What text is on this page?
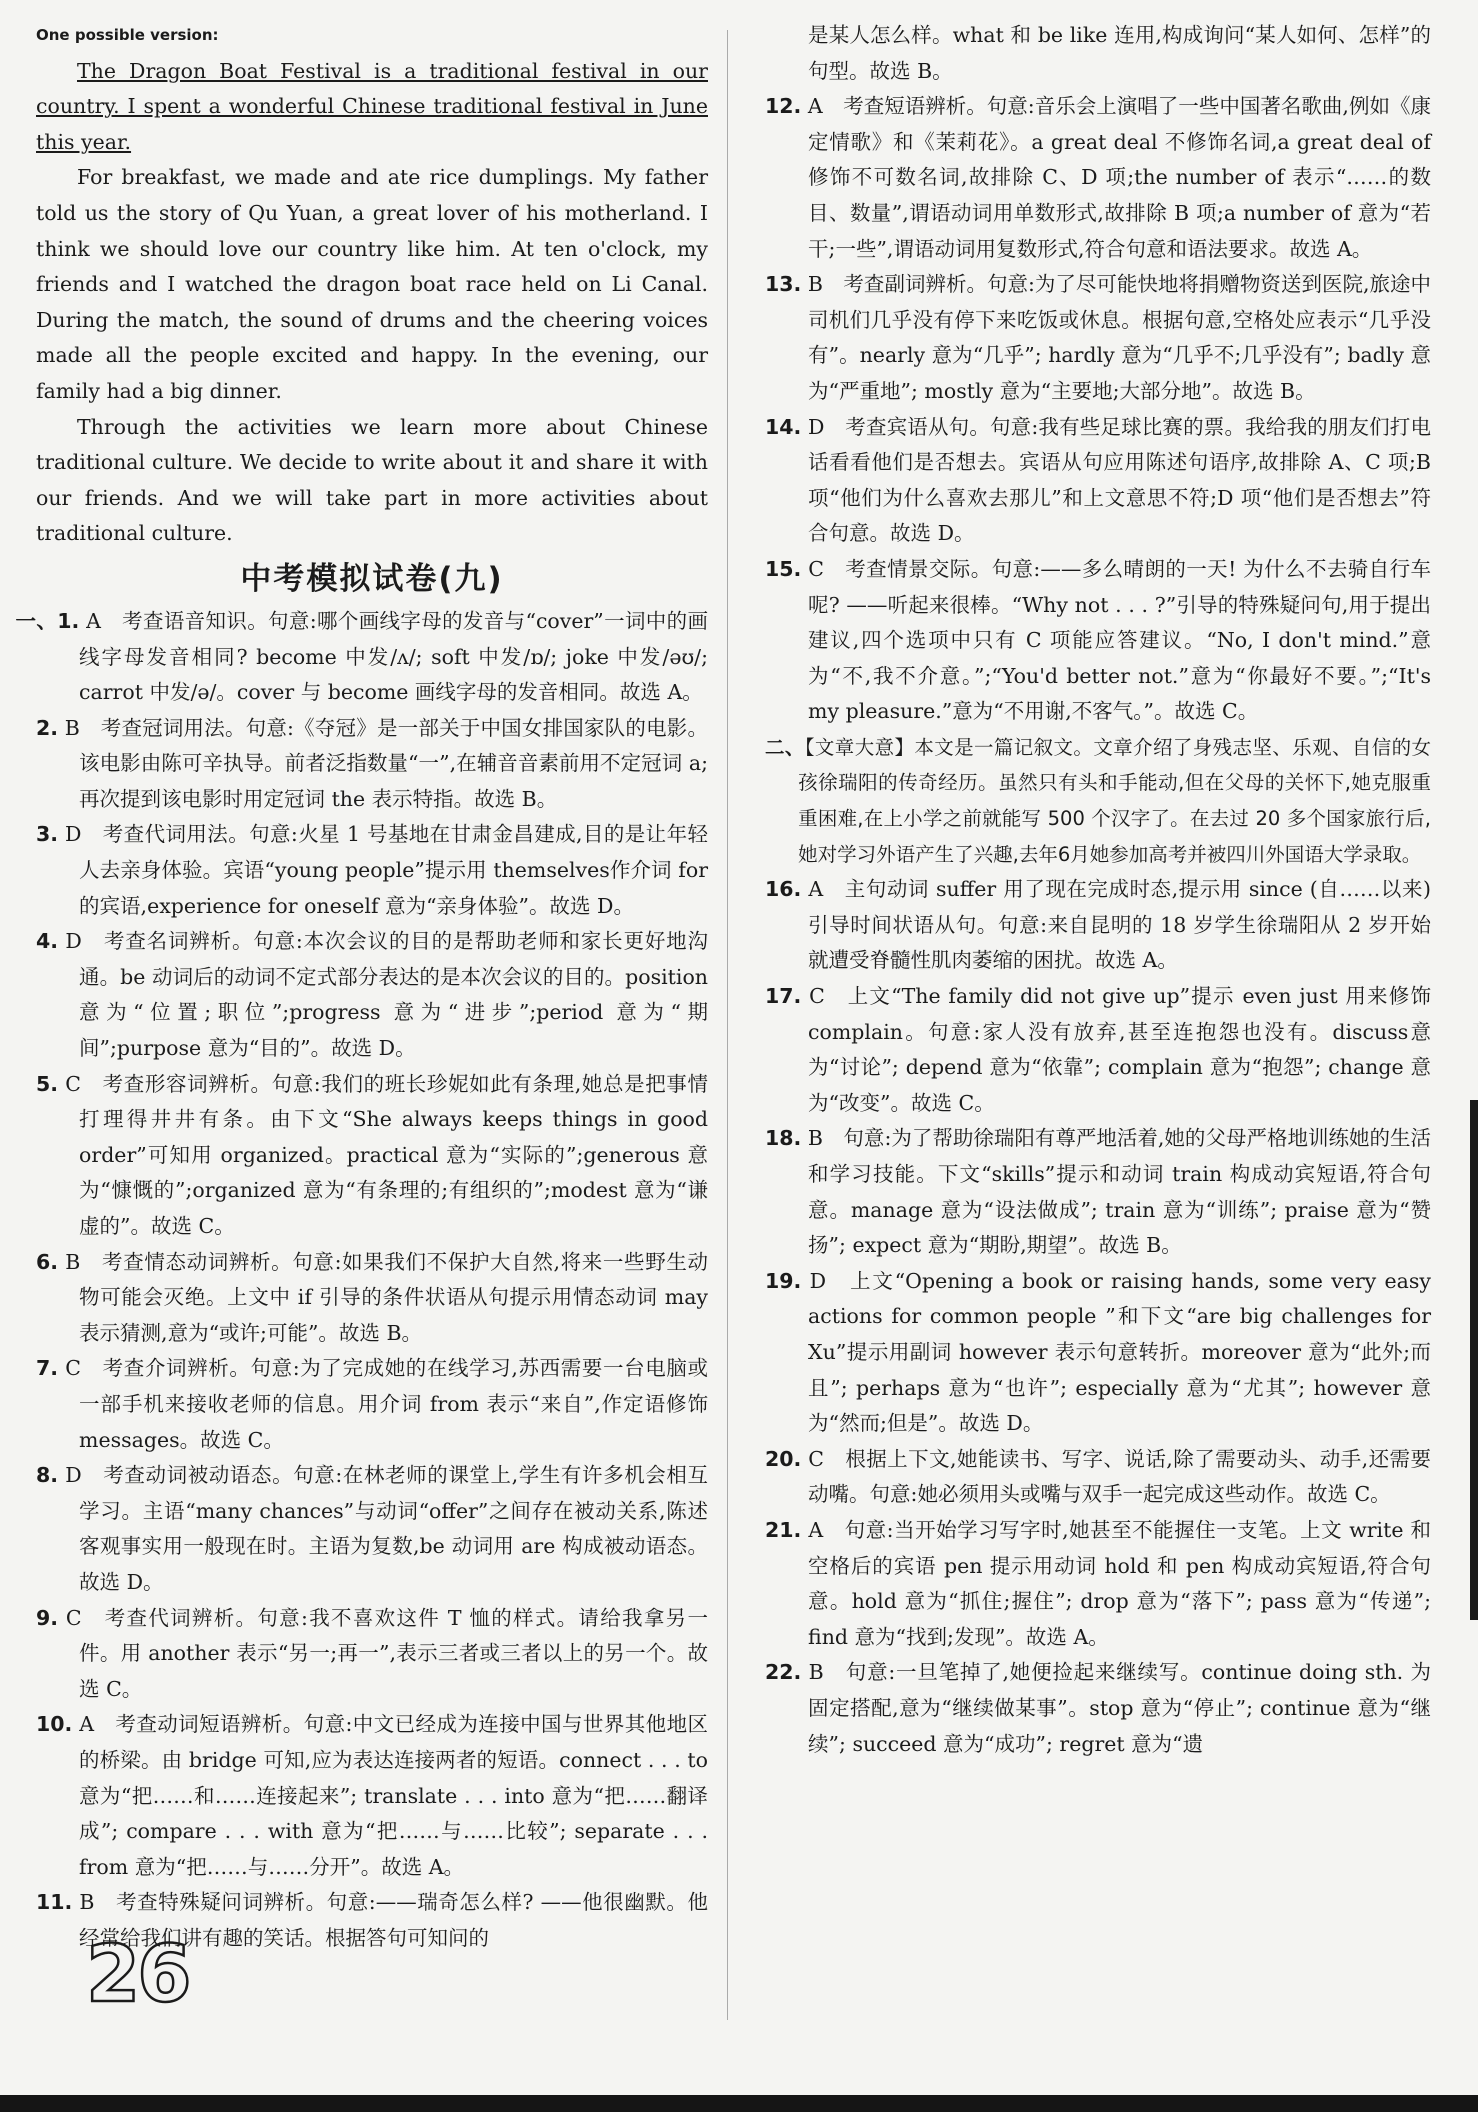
One possible version:

The Dragon Boat Festival is a traditional festival in our country. I spent a wonderful Chinese traditional festival in June this year.

For breakfast, we made and ate rice dumplings. My father told us the story of Qu Yuan, a great lover of his motherland. I think we should love our country like him. At ten o'clock, my friends and I watched the dragon boat race held on Li Canal. During the match, the sound of drums and the cheering voices made all the people excited and happy. In the evening, our family had a big dinner.

Through the activities we learn more about Chinese traditional culture. We decide to write about it and share it with our friends. And we will take part in more activities about traditional culture.

中考模拟试卷(九)

一、1. A　考查语音知识。句意:哪个画线字母的发音与“cover”一词中的画线字母发音相同? become 中发/ʌ/; soft 中发/ɒ/; joke 中发/əʊ/; carrot 中发/ə/。cover 与 become 画线字母的发音相同。故选 A。

2. B　考查冠词用法。句意:《夺冠》是一部关于中国女排国家队的电影。该电影由陈可辛执导。前者泛指数量“一”,在辅音音素前用不定冠词 a;再次提到该电影时用定冠词 the 表示特指。故选 B。

3. D　考查代词用法。句意:火星 1 号基地在甘肃金昌建成,目的是让年轻人去亲身体验。宾语“young people”提示用 themselves作介词 for 的宾语,experience for oneself 意为“亲身体验”。故选 D。

4. D　考查名词辨析。句意:本次会议的目的是帮助老师和家长更好地沟通。be 动词后的动词不定式部分表达的是本次会议的目的。position 意为“位置;职位”;progress 意为“进步”;period 意为“期间”;purpose 意为“目的”。故选 D。

5. C　考查形容词辨析。句意:我们的班长珍妮如此有条理,她总是把事情打理得井井有条。由下文“She always keeps things in good order”可知用 organized。practical 意为“实际的”;generous 意为“慷慨的”;organized 意为“有条理的;有组织的”;modest 意为“谦虚的”。故选 C。

6. B　考查情态动词辨析。句意:如果我们不保护大自然,将来一些野生动物可能会灭绝。上文中 if 引导的条件状语从句提示用情态动词 may 表示猜测,意为“或许;可能”。故选 B。

7. C　考查介词辨析。句意:为了完成她的在线学习,苏西需要一台电脑或一部手机来接收老师的信息。用介词 from 表示“来自”,作定语修饰 messages。故选 C。

8. D　考查动词被动语态。句意:在林老师的课堂上,学生有许多机会相互学习。主语“many chances”与动词“offer”之间存在被动关系,陈述客观事实用一般现在时。主语为复数,be 动词用 are 构成被动语态。故选 D。

9. C　考查代词辨析。句意:我不喜欢这件 T 恤的样式。请给我拿另一件。用 another 表示“另一;再一”,表示三者或三者以上的另一个。故选 C。

10. A　考查动词短语辨析。句意:中文已经成为连接中国与世界其他地区的桥梁。由 bridge 可知,应为表达连接两者的短语。connect . . . to 意为“把……和……连接起来”; translate . . . into 意为“把……翻译成”; compare . . . with 意为“把……与……比较”; separate . . . from 意为“把……与……分开”。故选 A。

11. B　考查特殊疑问词辨析。句意:——瑞奇怎么样? ——他很幽默。他经常给我们讲有趣的笑话。根据答句可知问的

是某人怎么样。what 和 be like 连用,构成询问“某人如何、怎样”的句型。故选 B。

12. A　考查短语辨析。句意:音乐会上演唱了一些中国著名歌曲,例如《康定情歌》和《茉莉花》。a great deal 不修饰名词,a great deal of 修饰不可数名词,故排除 C、D 项;the number of 表示“……的数目、数量”,谓语动词用单数形式,故排除 B 项;a number of 意为“若干;一些”,谓语动词用复数形式,符合句意和语法要求。故选 A。

13. B　考查副词辨析。句意:为了尽可能快地将捐赠物资送到医院,旅途中司机们几乎没有停下来吃饭或休息。根据句意,空格处应表示“几乎没有”。nearly 意为“几乎”; hardly 意为“几乎不;几乎没有”; badly 意为“严重地”; mostly 意为“主要地;大部分地”。故选 B。

14. D　考查宾语从句。句意:我有些足球比赛的票。我给我的朋友们打电话看看他们是否想去。宾语从句应用陈述句语序,故排除 A、C 项;B 项“他们为什么喜欢去那儿”和上文意思不符;D 项“他们是否想去”符合句意。故选 D。

15. C　考查情景交际。句意:——多么晴朗的一天! 为什么不去骑自行车呢? ——听起来很棒。“Why not . . . ?”引导的特殊疑问句,用于提出建议,四个选项中只有 C 项能应答建议。“No, I don't mind.”意为“不,我不介意。”;“You'd better not.”意为“你最好不要。”;“It's my pleasure.”意为“不用谢,不客气。”。故选 C。

二、【文章大意】本文是一篇记叙文。文章介绍了身残志坚、乐观、自信的女孩徐瑞阳的传奇经历。虽然只有头和手能动,但在父母的关怀下,她克服重重困难,在上小学之前就能写 500 个汉字了。在去过 20 多个国家旅行后,她对学习外语产生了兴趣,去年6月她参加高考并被四川外国语大学录取。

16. A　主句动词 suffer 用了现在完成时态,提示用 since (自……以来)引导时间状语从句。句意:来自昆明的 18 岁学生徐瑞阳从 2 岁开始就遭受脊髓性肌肉萎缩的困扰。故选 A。

17. C　上文“The family did not give up”提示 even just 用来修饰 complain。句意:家人没有放弃,甚至连抱怨也没有。discuss意为“讨论”; depend 意为“依靠”; complain 意为“抱怨”; change 意为“改变”。故选 C。

18. B　句意:为了帮助徐瑞阳有尊严地活着,她的父母严格地训练她的生活和学习技能。下文“skills”提示和动词 train 构成动宾短语,符合句意。manage 意为“设法做成”; train 意为“训练”; praise 意为“赞扬”; expect 意为“期盼,期望”。故选 B。

19. D　上文“Opening a book or raising hands, some very easy actions for common people ”和下文“are big challenges for Xu”提示用副词 however 表示句意转折。moreover 意为“此外;而且”; perhaps 意为“也许”; especially 意为“尤其”; however 意为“然而;但是”。故选 D。

20. C　根据上下文,她能读书、写字、说话,除了需要动头、动手,还需要动嘴。句意:她必须用头或嘴与双手一起完成这些动作。故选 C。

21. A　句意:当开始学习写字时,她甚至不能握住一支笔。上文 write 和空格后的宾语 pen 提示用动词 hold 和 pen 构成动宾短语,符合句意。hold 意为“抓住;握住”; drop 意为“落下”; pass 意为“传递”; find 意为“找到;发现”。故选 A。

22. B　句意:一旦笔掉了,她便捡起来继续写。continue doing sth. 为固定搭配,意为“继续做某事”。stop 意为“停止”; continue 意为“继续”; succeed 意为“成功”; regret 意为“遗

26
